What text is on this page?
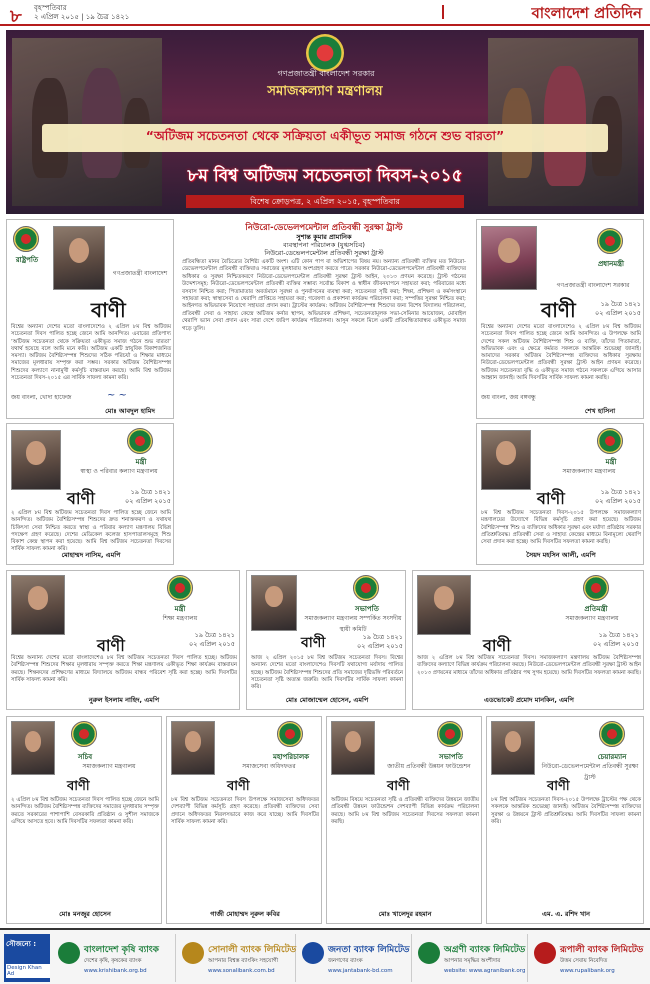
৮ বৃহস্পতিবার
২ এপ্রিল ২০১৫ | ১৯ চৈত্র ১৪২১	বাংলাদেশ প্রতিদিন
গণপ্রজাতন্ত্রী বাংলাদেশ সরকার
সমাজকল্যাণ মন্ত্রণালয়
“অটিজম সচেতনতা থেকে সক্রিয়তা একীভূত সমাজ গঠনে শুভ বারতা”
৮ম বিশ্ব অটিজম সচেতনতা দিবস-২০১৫
বিশেষ ক্রোড়পত্র, ২ এপ্রিল ২০১৫, বৃহস্পতিবার
রাষ্ট্রপতি
গণপ্রজাতন্ত্রী বাংলাদেশ
বাণী
বিশ্বের অন্যান্য দেশের মতো বাংলাদেশেও ২ এপ্রিল ৮ম বিশ্ব অটিজম সচেতনতা দিবস পালিত হচ্ছে জেনে আমি আনন্দিত। এবারের প্রতিপাদ্য ‘অটিজম সচেতনতা থেকে সক্রিয়তা একীভূত সমাজ গঠনে শুভ বারতা’ যথার্থ হয়েছে বলে আমি মনে করি। অটিজম একটি স্নায়ুবিক বিকাশজনিত সমস্যা। অটিজম বৈশিষ্ট্যসম্পন্ন শিশুদের সঠিক পরিচর্যা ও শিক্ষার মাধ্যমে সমাজের মূলধারায় সম্পৃক্ত করা সম্ভব। সরকার অটিজম বৈশিষ্ট্যসম্পন্ন শিশুদের কল্যাণে নানামুখী কর্মসূচি বাস্তবায়ন করছে। আমি বিশ্ব অটিজম সচেতনতা দিবস-২০১৫ এর সার্বিক সাফল্য কামনা করি।
জয় বাংলা, খোদা হাফেজ	~ ~
মোঃ আবদুল হামিদ
নিউরো-ডেভেলপমেন্টাল প্রতিবন্ধী সুরক্ষা ট্রাস্ট
সুশান্ত কুমার প্রামানিক
ব্যবস্থাপনা পরিচালক (যুগ্মসচিব)
নিউরো-ডেভেলপমেন্টাল প্রতিবন্ধী সুরক্ষা ট্রাস্ট
প্রতিবন্ধিতা মানব বৈচিত্র্যের বৈশিষ্ট্য একটি অংশ। এটি কোন পাপ বা অভিশাপের বিষয় নয়। অন্যান্য প্রতিবন্ধী ব্যক্তির মত নিউরো-ডেভেলপমেন্টাল প্রতিবন্ধী ব্যক্তিরাও সমাজের মূলধারায় অংশগ্রহণ করতে পারে। সরকার নিউরো-ডেভেলপমেন্টাল প্রতিবন্ধী ব্যক্তিদের অধিকার ও সুরক্ষা নিশ্চিতকরণে নিউরো-ডেভেলপমেন্টাল প্রতিবন্ধী সুরক্ষা ট্রাস্ট আইন, ২০১৩ প্রণয়ন করেছে। ট্রাস্ট গঠনের উদ্দেশ্যসমূহ: নিউরো-ডেভেলপমেন্টাল প্রতিবন্ধী ব্যক্তির সম্ভাব্য সর্বোচ্চ বিকাশ ও স্বাধীন জীবনযাপনে সহায়তা করা; পরিবারের মধ্যে বসবাস নিশ্চিত করা; পিতামাতার অবর্তমানে সুরক্ষা ও পুনর্বাসনের ব্যবস্থা করা; সচেতনতা সৃষ্টি করা; শিক্ষা, প্রশিক্ষণ ও কর্মসংস্থানে সহায়তা করা; স্বাস্থ্যসেবা ও থেরাপি প্রাপ্তিতে সহায়তা করা; গবেষণা ও প্রকাশনা কার্যক্রম পরিচালনা করা; সম্পত্তির সুরক্ষা নিশ্চিত করা; আইনগত অভিভাবক নিয়োগে সহায়তা প্রদান করা। ট্রাস্টের কার্যক্রম: অটিজম বৈশিষ্ট্যসম্পন্ন শিশুদের জন্য বিশেষ বিদ্যালয় পরিচালনা, প্রতিবন্ধী সেবা ও সাহায্য কেন্দ্রে অটিজম কর্নার স্থাপন, অভিভাবক প্রশিক্ষণ, সচেতনতামূলক সভা-সেমিনার আয়োজন, মোবাইল থেরাপি ভ্যান সেবা প্রদান এবং সারা দেশে জরিপ কার্যক্রম পরিচালনা। আসুন সকলে মিলে একটি প্রতিবন্ধিতাবান্ধব একীভূত সমাজ গড়ে তুলি।
প্রধানমন্ত্রী
গণপ্রজাতন্ত্রী বাংলাদেশ সরকার
বাণী	১৯ চৈত্র ১৪২১
০২ এপ্রিল ২০১৫
বিশ্বের অন্যান্য দেশের মতো বাংলাদেশেও ২ এপ্রিল ৮ম বিশ্ব অটিজম সচেতনতা দিবস পালিত হচ্ছে জেনে আমি আনন্দিত। এ উপলক্ষে আমি দেশের সকল অটিজম বৈশিষ্ট্যসম্পন্ন শিশু ও ব্যক্তি, তাঁদের পিতামাতা, অভিভাবক এবং এ ক্ষেত্রে কর্মরত সকলকে আন্তরিক শুভেচ্ছা জানাই। আমাদের সরকার অটিজম বৈশিষ্ট্যসম্পন্ন ব্যক্তিদের অধিকার সুরক্ষায় নিউরো-ডেভেলপমেন্টাল প্রতিবন্ধী সুরক্ষা ট্রাস্ট আইন প্রণয়ন করেছে। অটিজম সচেতনতা বৃদ্ধি ও একীভূত সমাজ গঠনে সকলকে এগিয়ে আসার আহ্বান জানাই। আমি দিবসটির সার্বিক সাফল্য কামনা করছি।
জয় বাংলা, জয় বঙ্গবন্ধু
শেখ হাসিনা
মন্ত্রী
স্বাস্থ্য ও পরিবার কল্যাণ মন্ত্রণালয়
বাণী	১৯ চৈত্র ১৪২১
০২ এপ্রিল ২০১৫
২ এপ্রিল ৮ম বিশ্ব অটিজম সচেতনতা দিবস পালিত হচ্ছে জেনে আমি আনন্দিত। অটিজম বৈশিষ্ট্যসম্পন্ন শিশুদের দ্রুত শনাক্তকরণ ও যথাযথ চিকিৎসা সেবা নিশ্চিত করতে স্বাস্থ্য ও পরিবার কল্যাণ মন্ত্রণালয় বিভিন্ন পদক্ষেপ গ্রহণ করেছে। দেশের মেডিকেল কলেজ হাসপাতালসমূহে শিশু বিকাশ কেন্দ্র স্থাপন করা হয়েছে। আমি বিশ্ব অটিজম সচেতনতা দিবসের সার্বিক সাফল্য কামনা করি।
মোহাম্মদ নাসিম, এমপি
মন্ত্রী
সমাজকল্যাণ মন্ত্রণালয়
বাণী	১৯ চৈত্র ১৪২১
০২ এপ্রিল ২০১৫
৮ম বিশ্ব অটিজম সচেতনতা দিবস-২০১৫ উপলক্ষে সমাজকল্যাণ মন্ত্রণালয়ের উদ্যোগে বিভিন্ন কর্মসূচি গ্রহণ করা হয়েছে। অটিজম বৈশিষ্ট্যসম্পন্ন শিশু ও ব্যক্তিদের অধিকার সুরক্ষা এবং মর্যাদা প্রতিষ্ঠায় সরকার প্রতিশ্রুতিবদ্ধ। প্রতিবন্ধী সেবা ও সাহায্য কেন্দ্রের মাধ্যমে বিনামূল্যে থেরাপি সেবা প্রদান করা হচ্ছে। আমি দিবসটির সফলতা কামনা করছি।
সৈয়দ মহসিন আলী, এমপি
মন্ত্রী
শিক্ষা মন্ত্রণালয়
বাণী
১৯ চৈত্র ১৪২১
০২ এপ্রিল ২০১৫
বিশ্বের অন্যান্য দেশের মতো বাংলাদেশেও ৮ম বিশ্ব অটিজম সচেতনতা দিবস পালিত হচ্ছে। অটিজম বৈশিষ্ট্যসম্পন্ন শিশুদের শিক্ষার মূলধারায় সম্পৃক্ত করতে শিক্ষা মন্ত্রণালয় একীভূত শিক্ষা কার্যক্রম বাস্তবায়ন করছে। শিক্ষকদের প্রশিক্ষণের মাধ্যমে বিদ্যালয়ে অটিজম বান্ধব পরিবেশ সৃষ্টি করা হচ্ছে। আমি দিবসটির সার্বিক সাফল্য কামনা করি।
নুরুল ইসলাম নাহিদ, এমপি
সভাপতি
সমাজকল্যাণ মন্ত্রণালয় সম্পর্কিত সংসদীয় স্থায়ী কমিটি
বাণী	১৯ চৈত্র ১৪২১
০২ এপ্রিল ২০১৫
আজ ২ এপ্রিল ২০১৫ ৮ম বিশ্ব অটিজম সচেতনতা দিবস। বিশ্বের অন্যান্য দেশের মতো বাংলাদেশেও দিবসটি যথাযোগ্য মর্যাদায় পালিত হচ্ছে। অটিজম বৈশিষ্ট্যসম্পন্ন শিশুদের প্রতি সমাজের দৃষ্টিভঙ্গি পরিবর্তনে সচেতনতা সৃষ্টি অত্যন্ত জরুরি। আমি দিবসটির সার্বিক সাফল্য কামনা করি।
মোঃ মোজাম্মেল হোসেন, এমপি
প্রতিমন্ত্রী
সমাজকল্যাণ মন্ত্রণালয়
বাণী
১৯ চৈত্র ১৪২১
০২ এপ্রিল ২০১৫
আজ ২ এপ্রিল ৮ম বিশ্ব অটিজম সচেতনতা দিবস। সমাজকল্যাণ মন্ত্রণালয় অটিজম বৈশিষ্ট্যসম্পন্ন ব্যক্তিদের কল্যাণে বিভিন্ন কার্যক্রম পরিচালনা করছে। নিউরো-ডেভেলপমেন্টাল প্রতিবন্ধী সুরক্ষা ট্রাস্ট আইন ২০১৩ প্রণয়নের মাধ্যমে তাঁদের অধিকার প্রতিষ্ঠার পথ সুগম হয়েছে। আমি দিবসটির সফলতা কামনা করছি।
এডভোকেট প্রমোদ মানকিন, এমপি
সচিব
সমাজকল্যাণ মন্ত্রণালয়
বাণী
২ এপ্রিল ৮ম বিশ্ব অটিজম সচেতনতা দিবস পালিত হচ্ছে জেনে আমি আনন্দিত। অটিজম বৈশিষ্ট্যসম্পন্ন ব্যক্তিদের সমাজের মূলধারায় সম্পৃক্ত করতে সরকারের পাশাপাশি বেসরকারি প্রতিষ্ঠান ও সুশীল সমাজকে এগিয়ে আসতে হবে। আমি দিবসটির সফলতা কামনা করি।
মোঃ মনজুর হোসেন
মহাপরিচালক
সমাজসেবা অধিদফতর
বাণী
৮ম বিশ্ব অটিজম সচেতনতা দিবস উপলক্ষে সমাজসেবা অধিদফতর দেশব্যাপী বিভিন্ন কর্মসূচি গ্রহণ করেছে। প্রতিবন্ধী ব্যক্তিদের সেবা প্রদানে অধিদফতর নিরলসভাবে কাজ করে যাচ্ছে। আমি দিবসটির সার্বিক সাফল্য কামনা করি।
গাজী মোহাম্মদ নূরুল কবির
সভাপতি
জাতীয় প্রতিবন্ধী উন্নয়ন ফাউন্ডেশন
বাণী
অটিজম বিষয়ে সচেতনতা সৃষ্টি ও প্রতিবন্ধী ব্যক্তিদের উন্নয়নে জাতীয় প্রতিবন্ধী উন্নয়ন ফাউন্ডেশন দেশব্যাপী বিভিন্ন কার্যক্রম পরিচালনা করছে। আমি ৮ম বিশ্ব অটিজম সচেতনতা দিবসের সফলতা কামনা করছি।
মোঃ খালেদুর রহমান
চেয়ারম্যান
নিউরো-ডেভেলপমেন্টাল প্রতিবন্ধী সুরক্ষা ট্রাস্ট
বাণী
৮ম বিশ্ব অটিজম সচেতনতা দিবস-২০১৫ উপলক্ষে ট্রাস্টের পক্ষ থেকে সকলকে আন্তরিক শুভেচ্ছা জানাই। অটিজম বৈশিষ্ট্যসম্পন্ন ব্যক্তিদের সুরক্ষা ও উন্নয়নে ট্রাস্ট প্রতিশ্রুতিবদ্ধ। আমি দিবসটির সাফল্য কামনা করি।
এম. এ. রশিদ খান
সৌজন্যে :
Design Khan Ad
বাংলাদেশ কৃষি ব্যাংক
দেশের কৃষি, কৃষকের ব্যাংক
www.krishibank.org.bd
সোনালী ব্যাংক লিমিটেড
আপনার বিশ্বস্ত ব্যাংকিং সহযোগী
www.sonalibank.com.bd
জনতা ব্যাংক লিমিটেড
জনগণের ব্যাংক
www.jantabank-bd.com
অগ্রণী ব্যাংক লিমিটেড
আপনার সমৃদ্ধির অংশীদার
website: www.agranibank.org
রূপালী ব্যাংক লিমিটেড
উত্তম সেবায় নিবেদিত
www.rupalibank.org
